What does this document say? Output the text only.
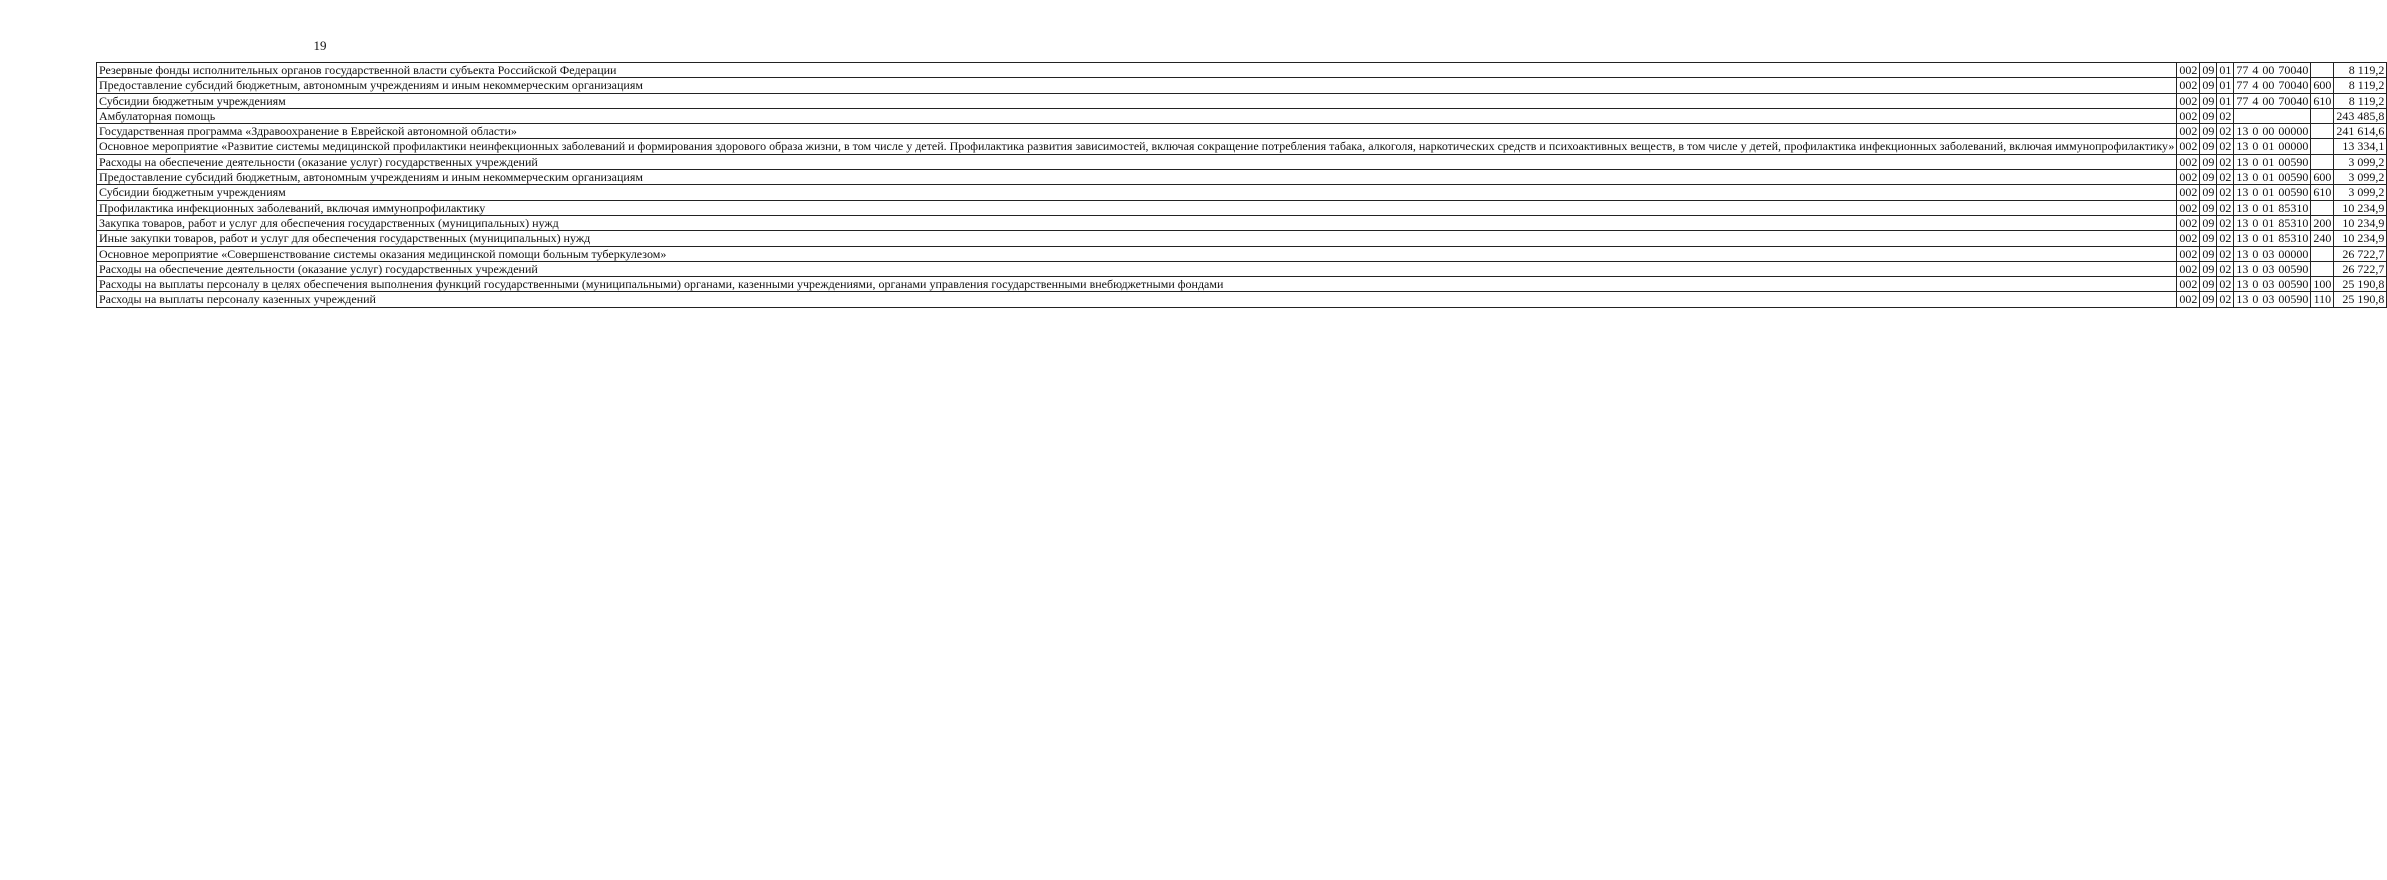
19
Резервные фонды исполнительных органов государственной власти субъекта Российской Федерации	002	09	01	77	4	00	70040		8 119,2
Предоставление субсидий бюджетным, автономным учреждениям и иным некоммерческим организациям	002	09	01	77	4	00	70040	600	8 119,2
Субсидии бюджетным учреждениям	002	09	01	77	4	00	70040	610	8 119,2
Амбулаторная помощь	002	09	02						243 485,8
Государственная программа «Здравоохранение в Еврейской автономной области»	002	09	02	13	0	00	00000		241 614,6
Основное мероприятие «Развитие системы медицинской профилактики неинфекционных заболеваний и формирования здорового образа жизни, в том числе у детей. Профилактика развития зависимостей, включая сокращение потребления табака, алкоголя, наркотических средств и психоактивных веществ, в том числе у детей, профилактика инфекционных заболеваний, включая иммунопрофилактику»	002	09	02	13	0	01	00000		13 334,1
Расходы на обеспечение деятельности (оказание услуг) государственных учреждений	002	09	02	13	0	01	00590		3 099,2
Предоставление субсидий бюджетным, автономным учреждениям и иным некоммерческим организациям	002	09	02	13	0	01	00590	600	3 099,2
Субсидии бюджетным учреждениям	002	09	02	13	0	01	00590	610	3 099,2
Профилактика инфекционных заболеваний, включая иммунопрофилактику	002	09	02	13	0	01	85310		10 234,9
Закупка товаров, работ и услуг для обеспечения государственных (муниципальных) нужд	002	09	02	13	0	01	85310	200	10 234,9
Иные закупки товаров, работ и услуг для обеспечения государственных (муниципальных) нужд	002	09	02	13	0	01	85310	240	10 234,9
Основное мероприятие «Совершенствование системы оказания медицинской помощи больным туберкулезом»	002	09	02	13	0	03	00000		26 722,7
Расходы на обеспечение деятельности (оказание услуг) государственных учреждений	002	09	02	13	0	03	00590		26 722,7
Расходы на выплаты персоналу в целях обеспечения выполнения функций государственными (муниципальными) органами, казенными учреждениями, органами управления государственными внебюджетными фондами	002	09	02	13	0	03	00590	100	25 190,8
Расходы на выплаты персоналу казенных учреждений	002	09	02	13	0	03	00590	110	25 190,8
